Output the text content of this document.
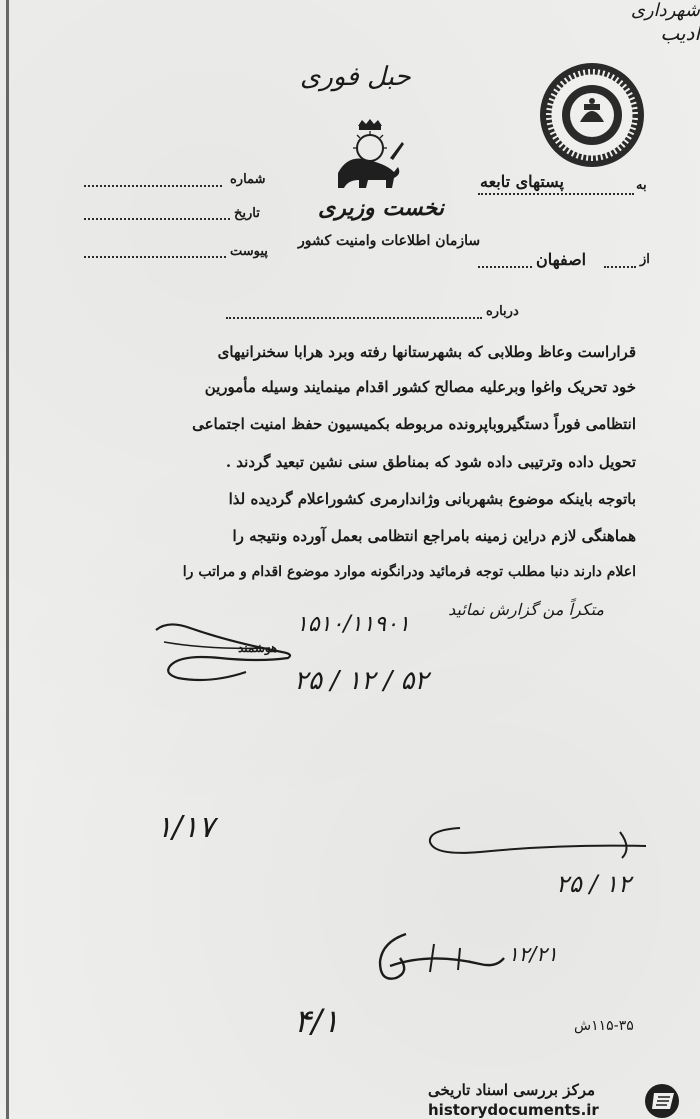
حبل فوری
نخست وزیری
سازمان اطلاعات وامنیت کشور
به
پستهای تابعه
از
اصفهان
شماره
تاریخ
پیوست
درباره
قراراست وعاظ وطلابی که بشهرستانها رفته وبرد هرابا سخنرانیهای
خود تحریک واغوا وبرعلیه مصالح کشور اقدام مینمایند وسیله مأمورین
انتظامی فوراً دستگیروباپرونده مربوطه بکمیسیون حفظ امنیت اجتماعی
تحویل داده وترتیبی داده شود که بمناطق سنی نشین تبعید گردند .
باتوجه باینکه موضوع بشهربانی وژاندارمری کشوراعلام گردیده لذا
هماهنگی لازم دراین زمینه بامراجع انتظامی بعمل آورده ونتیجه را
اعلام دارند دنبا مطلب توجه فرمائید ودرانگونه موارد موضوع اقدام و مراتب را
متکراً من گزارش نمائید
۱۵۱۰/۱۱۹۰۱
هوشمند
۲۵ / ۱۲ / ۵۲
۱/۱۷
شهرداری
۲۵ / ۱۲
ادیب
۱۲/۲۱
۴/۱	۱۱۵-۳۵ش
مرکز بررسی اسناد تاریخی
historydocuments.ir
